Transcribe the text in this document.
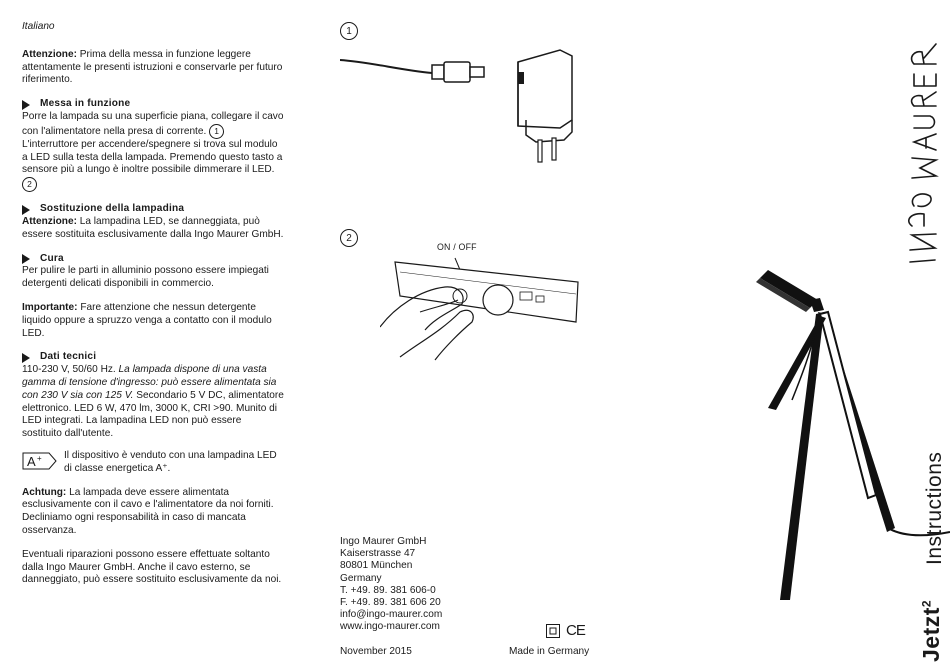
Italiano

Attenzione: Prima della messa in funzione leggere attentamente le presenti istruzioni e conservarle per futuro riferimento.

Messa in funzione

Porre la lampada su una superficie piana, collegare il cavo con l'alimentatore nella presa di corrente. 1
L'interruttore per accendere/spegnere si trova sul modulo a LED sulla testa della lampada. Premendo questo tasto a sensore più a lungo è inoltre possibile dimmerare il LED. 2

Sostituzione della lampadina

Attenzione: La lampadina LED, se danneggiata, può essere sostituita esclusivamente dalla Ingo Maurer GmbH.

Cura

Per pulire le parti in alluminio possono essere impiegati detergenti delicati disponibili in commercio.

Importante: Fare attenzione che nessun detergente liquido oppure a spruzzo venga a contatto con il modulo LED.

Dati tecnici

110-230 V, 50/60 Hz. La lampada dispone di una vasta gamma di tensione d'ingresso: può essere alimentata sia con 230 V sia con 125 V. Secondario 5 V DC, alimentatore elettronico. LED 6 W, 470 lm, 3000 K, CRI >90. Munito di LED integrati. La lampadina LED non può essere sostituito dall'utente.

A + Il dispositivo è venduto con una lampadina LED di classe energetica A⁺.

Achtung: La lampada deve essere alimentata esclusivamente con il cavo e l'alimentatore da noi forniti. Decliniamo ogni responsabilità in caso di mancata osservanza.

Eventuali riparazioni possono essere effettuate soltanto dalla Ingo Maurer GmbH. Anche il cavo esterno, se danneggiato, può essere sostituito esclusivamente da noi.

1
2
ON / OFF
Ingo Maurer GmbH
Kaiserstrasse 47
80801 München
Germany
T. +49. 89. 381 606-0
F. +49. 89. 381 606 20
info@ingo-maurer.com
www.ingo-maurer.com	CE
November 2015	Made in Germany
Instructions
Jetzt$^2$
